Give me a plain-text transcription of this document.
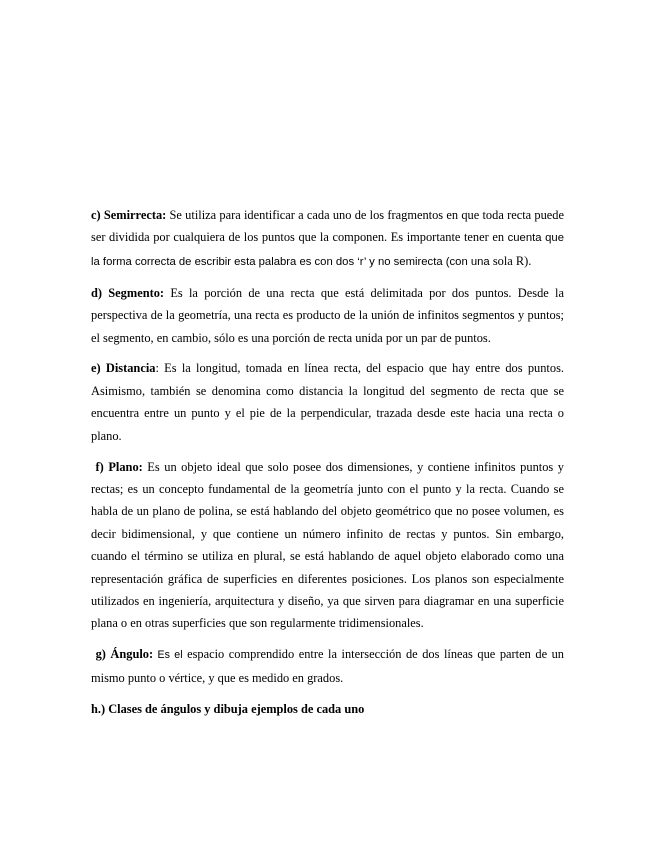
c) Semirrecta: Se utiliza para identificar a cada uno de los fragmentos en que toda recta puede ser dividida por cualquiera de los puntos que la componen. Es importante tener en cuenta que la forma correcta de escribir esta palabra es con dos ‘r’ y no semirecta (con una sola R).

d) Segmento: Es la porción de una recta que está delimitada por dos puntos. Desde la perspectiva de la geometría, una recta es producto de la unión de infinitos segmentos y puntos; el segmento, en cambio, sólo es una porción de recta unida por un par de puntos.

e) Distancia: Es la longitud, tomada en línea recta, del espacio que hay entre dos puntos. Asimismo, también se denomina como distancia la longitud del segmento de recta que se encuentra entre un punto y el pie de la perpendicular, trazada desde este hacia una recta o plano.

f) Plano: Es un objeto ideal que solo posee dos dimensiones, y contiene infinitos puntos y rectas; es un concepto fundamental de la geometría junto con el punto y la recta. Cuando se habla de un plano de polina, se está hablando del objeto geométrico que no posee volumen, es decir bidimensional, y que contiene un número infinito de rectas y puntos. Sin embargo, cuando el término se utiliza en plural, se está hablando de aquel objeto elaborado como una representación gráfica de superficies en diferentes posiciones. Los planos son especialmente utilizados en ingeniería, arquitectura y diseño, ya que sirven para diagramar en una superficie plana o en otras superficies que son regularmente tridimensionales.

g) Ángulo: Es el espacio comprendido entre la intersección de dos líneas que parten de un mismo punto o vértice, y que es medido en grados.

h.) Clases de ángulos y dibuja ejemplos de cada uno
